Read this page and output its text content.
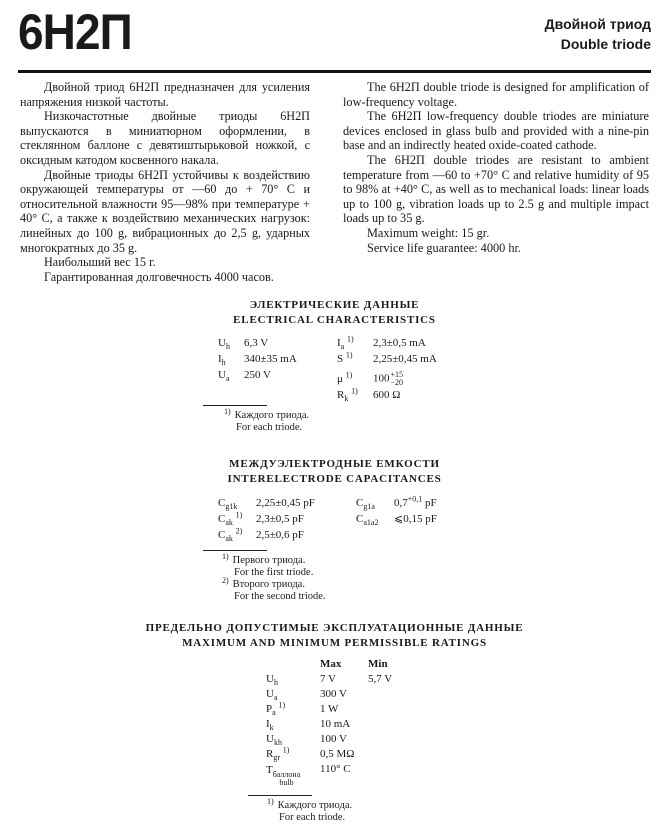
6Н2П	Двойной триод
Double triode

Двойной триод 6Н2П предназначен для усиления напряжения низкой частоты.

Низкочастотные двойные триоды 6Н2П выпускаются в миниатюрном оформлении, в стеклянном баллоне с девятиштырьковой ножкой, с оксидным катодом косвенного накала.

Двойные триоды 6Н2П устойчивы к воздействию окружающей температуры от —60 до + 70° С и относительной влажности 95—98% при температуре + 40° С, а также к воздействию механических нагрузок: линейных до 100 g, вибрационных до 2,5 g, ударных многократных до 35 g.

Наибольший вес 15 г.

Гарантированная долговечность 4000 часов.

The 6H2П double triode is designed for amplification of low-frequency voltage.

The 6H2П low-frequency double triodes are miniature devices enclosed in glass bulb and provided with a nine-pin base and an indirectly heated oxide-coated cathode.

The 6H2П double triodes are resistant to ambient temperature from —60 to +70° C and relative humidity of 95 to 98% at +40° C, as well as to mechanical loads: linear loads up to 100 g, vibration loads up to 2.5 g and multiple impact loads up to 35 g.

Maximum weight: 15 gr.

Service life guarantee: 4000 hr.

ЭЛЕКТРИЧЕСКИЕ ДАННЫЕ
ELECTRICAL CHARACTERISTICS
$U_h$ 6,3 V
$I_h$ 340±35 mA
$U_a$ 250 V
$I_a$ $^{1)}$ 2,3±0,5 mA
S $^{1)}$ 2,25±0,45 mA
μ $^{1)}$ 100 +15
−20
$R_k$ $^{1)}$ 600 Ω
$^{1)}$ Каждого триода.
For each triode.
МЕЖДУЭЛЕКТРОДНЫЕ ЕМКОСТИ
INTERELECTRODE CAPACITANCES
$C_{g1k}$ 2,25±0,45 pF
$C_{ak}$ $^{1)}$ 2,3±0,5 pF
$C_{ak}$ $^{2)}$ 2,5±0,6 pF
$C_{g1a}$ $0,7^{+0,1}$ pF
$C_{a1a2}$ ⩽0,15 pF
$^{1)}$ Первого триода.
For the first triode.
$^{2)}$ Второго триода.
For the second triode.
ПРЕДЕЛЬНО ДОПУСТИМЫЕ ЭКСПЛУАТАЦИОННЫЕ ДАННЫЕ
MAXIMUM AND MINIMUM PERMISSIBLE RATINGS
	Max	Min
$U_h$	7 V	5,7 V
$U_a$	300 V	
$P_a$ $^{1)}$	1 W	
$I_k$	10 mA	
$U_{kh}$	100 V	
$R_{gr}$ $^{1)}$	0,5 MΩ	
T баллона
bulb	110° C	
$^{1)}$ Каждого триода.
For each triode.
